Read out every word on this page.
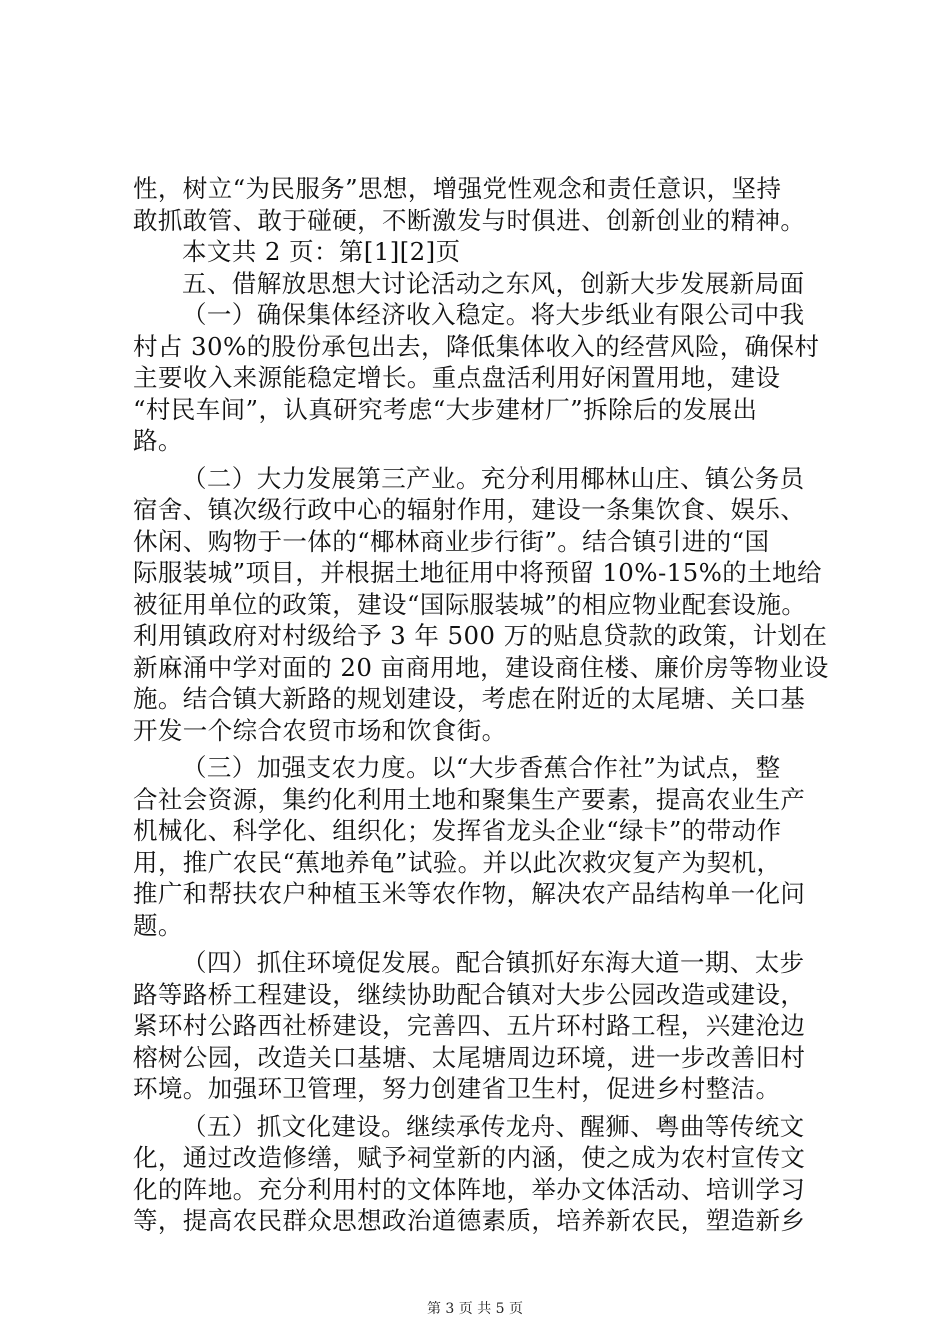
性，树立“为民服务”思想，增强党性观念和责任意识，坚持
敢抓敢管、敢于碰硬，不断激发与时俱进、创新创业的精神。
本文共 2 页：第[1][2]页
五、借解放思想大讨论活动之东风，创新大步发展新局面
（一）确保集体经济收入稳定。将大步纸业有限公司中我
村占 30%的股份承包出去，降低集体收入的经营风险，确保村
主要收入来源能稳定增长。重点盘活利用好闲置用地，建设
“村民车间”，认真研究考虑“大步建材厂”拆除后的发展出
路。
（二）大力发展第三产业。充分利用椰林山庄、镇公务员
宿舍、镇次级行政中心的辐射作用，建设一条集饮食、娱乐、
休闲、购物于一体的“椰林商业步行街”。结合镇引进的“国
际服装城”项目，并根据土地征用中将预留 10%-15%的土地给
被征用单位的政策，建设“国际服装城”的相应物业配套设施。
利用镇政府对村级给予 3 年 500 万的贴息贷款的政策，计划在
新麻涌中学对面的 20 亩商用地，建设商住楼、廉价房等物业设
施。结合镇大新路的规划建设，考虑在附近的太尾塘、关口基
开发一个综合农贸市场和饮食街。
（三）加强支农力度。以“大步香蕉合作社”为试点，整
合社会资源，集约化利用土地和聚集生产要素，提高农业生产
机械化、科学化、组织化；发挥省龙头企业“绿卡”的带动作
用，推广农民“蕉地养龟”试验。并以此次救灾复产为契机，
推广和帮扶农户种植玉米等农作物，解决农产品结构单一化问
题。
（四）抓住环境促发展。配合镇抓好东海大道一期、太步
路等路桥工程建设，继续协助配合镇对大步公园改造或建设，
紧环村公路西社桥建设，完善四、五片环村路工程，兴建沧边
榕树公园，改造关口基塘、太尾塘周边环境，进一步改善旧村
环境。加强环卫管理，努力创建省卫生村，促进乡村整洁。
（五）抓文化建设。继续承传龙舟、醒狮、粤曲等传统文
化，通过改造修缮，赋予祠堂新的内涵，使之成为农村宣传文
化的阵地。充分利用村的文体阵地，举办文体活动、培训学习
等，提高农民群众思想政治道德素质，培养新农民，塑造新乡
第 3 页 共 5 页
